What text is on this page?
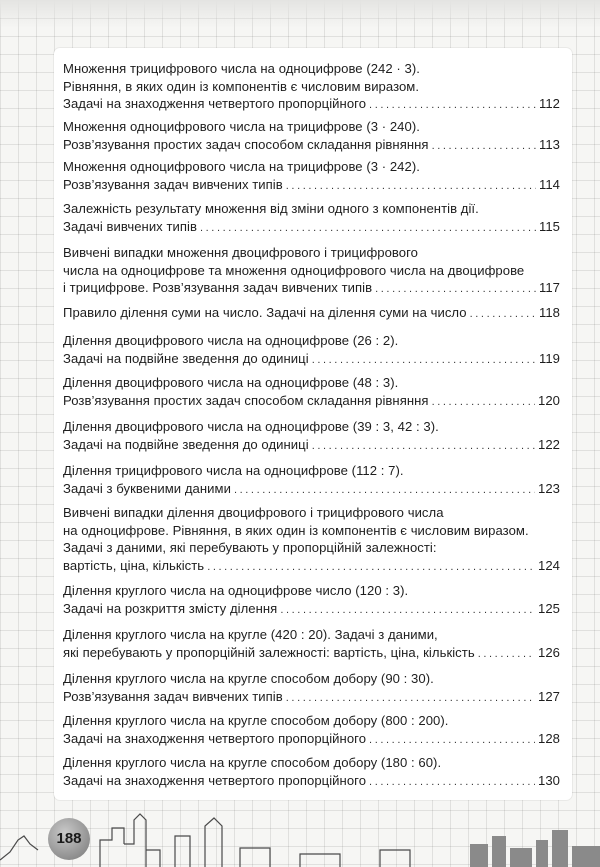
Множення трицифрового числа на одноцифрове (242 · 3).
Рівняння, в яких один із компонентів є числовим виразом.
Задачі на знаходження четвертого пропорційного .....	112
Множення одноцифрового числа на трицифрове (3 · 240).
Розв’язування простих задач способом складання рівняння .....	113
Множення одноцифрового числа на трицифрове (3 · 242).
Розв’язування задач вивчених типів .....	114
Залежність результату множення від зміни одного з компонентів дії.
Задачі вивчених типів .....	115
Вивчені випадки множення двоцифрового і трицифрового
числа на одноцифрове та множення одноцифрового числа на двоцифрове
і трицифрове. Розв’язування задач вивчених типів .....	117
Правило ділення суми на число. Задачі на ділення суми на число .....	118
Ділення двоцифрового числа на одноцифрове (26 : 2).
Задачі на подвійне зведення до одиниці .....	119
Ділення двоцифрового числа на одноцифрове (48 : 3).
Розв’язування простих задач способом складання рівняння .....	120
Ділення двоцифрового числа на одноцифрове (39 : 3, 42 : 3).
Задачі на подвійне зведення до одиниці .....	122
Ділення трицифрового числа на одноцифрове (112 : 7).
Задачі з буквеними даними .....	123
Вивчені випадки ділення двоцифрового і трицифрового числа
на одноцифрове. Рівняння, в яких один із компонентів є числовим виразом.
Задачі з даними, які перебувають у пропорційній залежності:
вартість, ціна, кількість .....	124
Ділення круглого числа на одноцифрове число (120 : 3).
Задачі на розкриття змісту ділення .....	125
Ділення круглого числа на кругле (420 : 20). Задачі з даними,
які перебувають у пропорційній залежності: вартість, ціна, кількість .....	126
Ділення круглого числа на кругле способом добору (90 : 30).
Розв’язування задач вивчених типів .....	127
Ділення круглого числа на кругле способом добору (800 : 200).
Задачі на знаходження четвертого пропорційного .....	128
Ділення круглого числа на кругле способом добору (180 : 60).
Задачі на знаходження четвертого пропорційного .....	130
188
